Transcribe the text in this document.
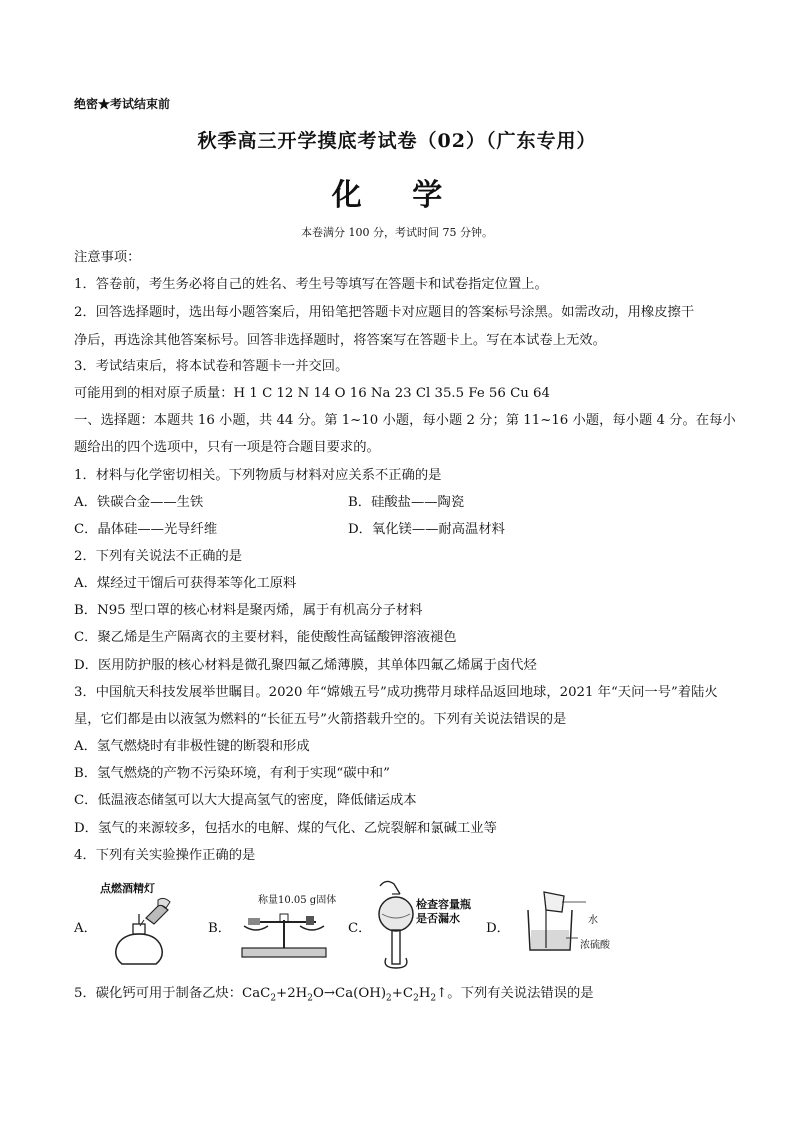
绝密★考试结束前
秋季高三开学摸底考试卷（02）（广东专用）
化 学
本卷满分 100 分，考试时间 75 分钟。
注意事项：
1．答卷前，考生务必将自己的姓名、考生号等填写在答题卡和试卷指定位置上。
2．回答选择题时，选出每小题答案后，用铅笔把答题卡对应题目的答案标号涂黑。如需改动，用橡皮擦干
净后，再选涂其他答案标号。回答非选择题时，将答案写在答题卡上。写在本试卷上无效。
3．考试结束后，将本试卷和答题卡一并交回。
可能用到的相对原子质量：H 1 C 12 N 14 O 16 Na 23 Cl 35.5 Fe 56 Cu 64
一、选择题：本题共 16 小题，共 44 分。第 1~10 小题，每小题 2 分；第 11~16 小题，每小题 4 分。在每小
题给出的四个选项中，只有一项是符合题目要求的。
1．材料与化学密切相关。下列物质与材料对应关系不正确的是
A．铁碳合金——生铁	B．硅酸盐——陶瓷
C．晶体硅——光导纤维	D．氧化镁——耐高温材料
2．下列有关说法不正确的是
A．煤经过干馏后可获得苯等化工原料
B．N95 型口罩的核心材料是聚丙烯，属于有机高分子材料
C．聚乙烯是生产隔离衣的主要材料，能使酸性高锰酸钾溶液褪色
D．医用防护服的核心材料是微孔聚四氟乙烯薄膜，其单体四氟乙烯属于卤代烃
3．中国航天科技发展举世瞩目。2020 年“嫦娥五号”成功携带月球样品返回地球，2021 年“天问一号”着陆火
星，它们都是由以液氢为燃料的“长征五号”火箭搭载升空的。下列有关说法错误的是
A．氢气燃烧时有非极性键的断裂和形成
B．氢气燃烧的产物不污染环境，有利于实现“碳中和”
C．低温液态储氢可以大大提高氢气的密度，降低储运成本
D．氢气的来源较多，包括水的电解、煤的气化、乙烷裂解和氯碱工业等
4．下列有关实验操作正确的是
A．
点燃酒精灯
B．
称量10.05 g固体
C．
检查容量瓶
是否漏水
D．
水
浓硫酸
5．碳化钙可用于制备乙炔：$CaC_2+2H_2O\to Ca(OH)_2+C_2H_2↑$。下列有关说法错误的是
